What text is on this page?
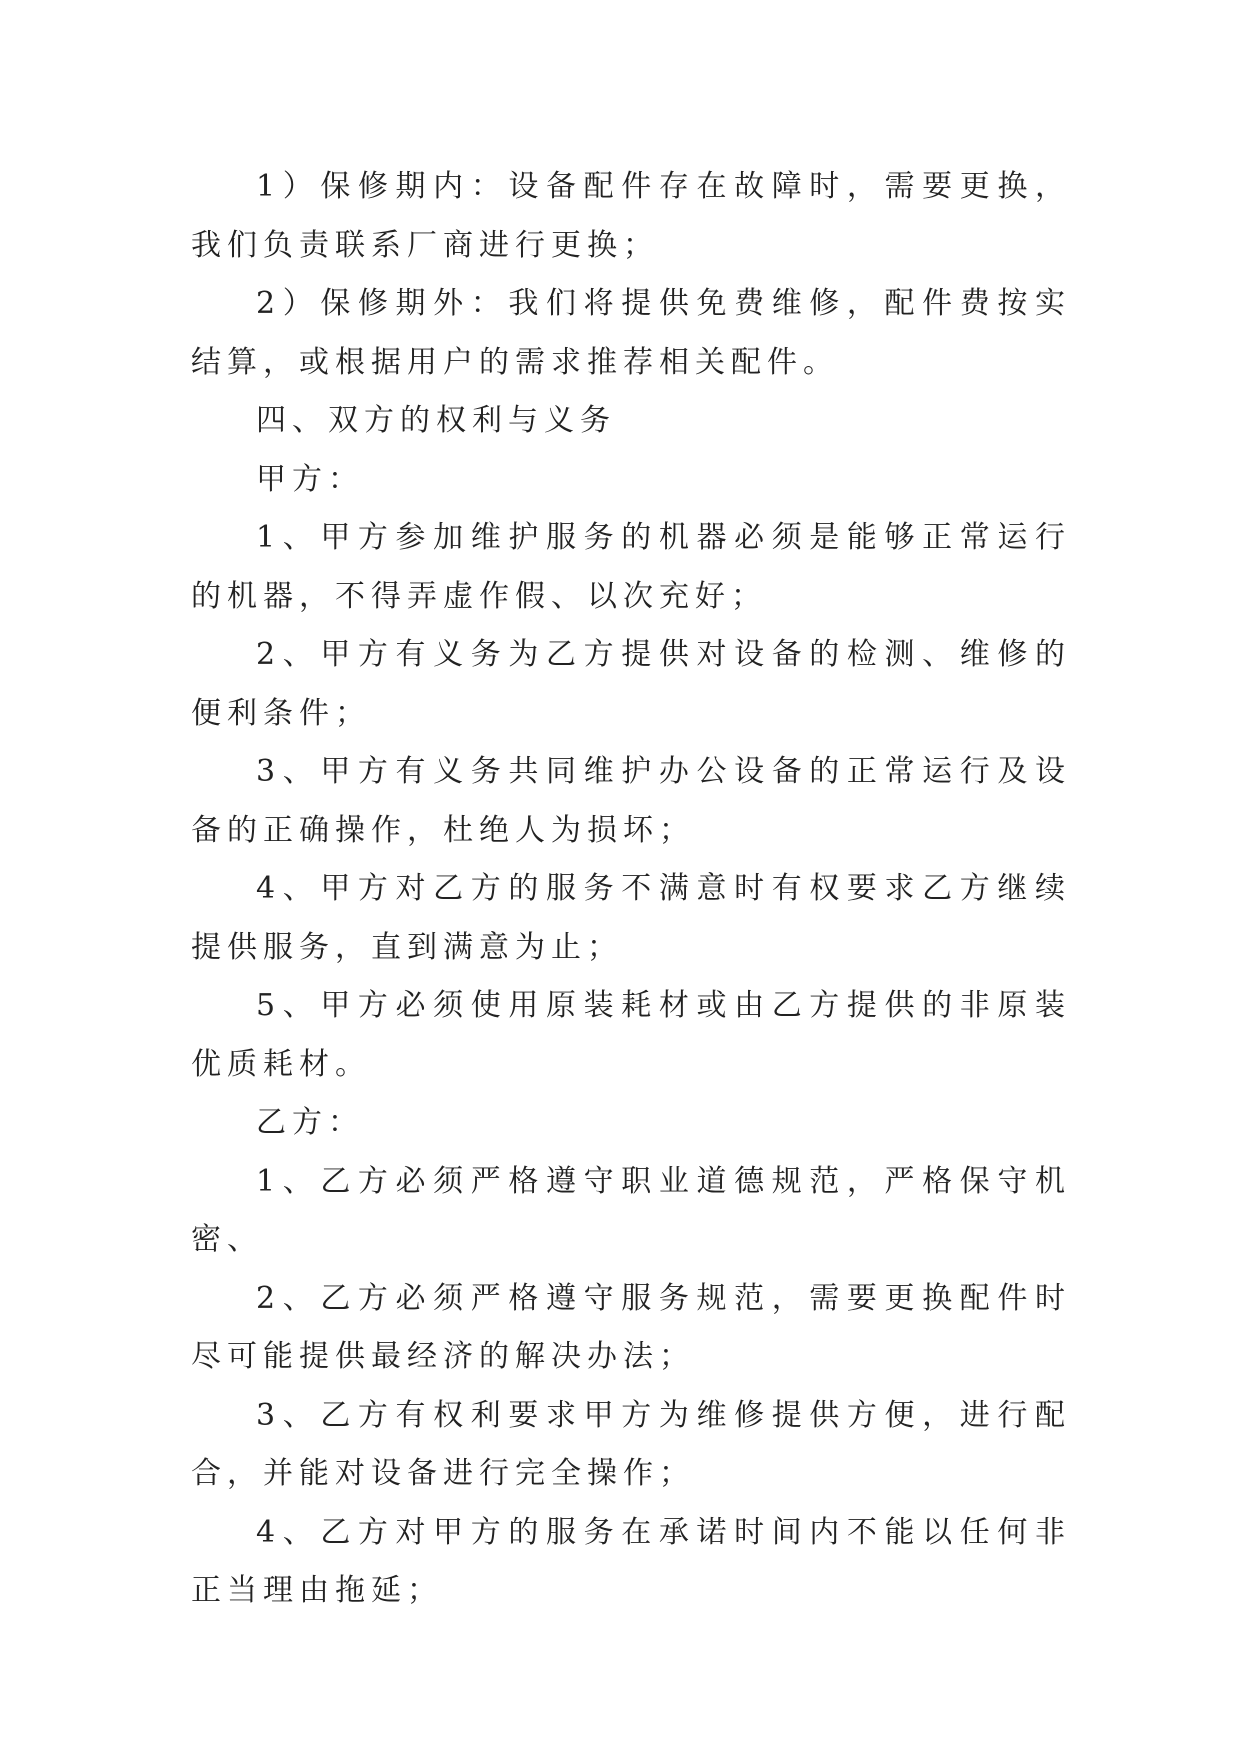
1）保修期内：设备配件存在故障时，需要更换，我们负责联系厂商进行更换；

2）保修期外：我们将提供免费维修，配件费按实结算，或根据用户的需求推荐相关配件。

四、双方的权利与义务

甲方：

1、甲方参加维护服务的机器必须是能够正常运行的机器，不得弄虚作假、以次充好；

2、甲方有义务为乙方提供对设备的检测、维修的便利条件；

3、甲方有义务共同维护办公设备的正常运行及设备的正确操作，杜绝人为损坏；

4、甲方对乙方的服务不满意时有权要求乙方继续提供服务，直到满意为止；

5、甲方必须使用原装耗材或由乙方提供的非原装优质耗材。

乙方：

1、乙方必须严格遵守职业道德规范，严格保守机密、

2、乙方必须严格遵守服务规范，需要更换配件时尽可能提供最经济的解决办法；

3、乙方有权利要求甲方为维修提供方便，进行配合，并能对设备进行完全操作；

4、乙方对甲方的服务在承诺时间内不能以任何非正当理由拖延；
